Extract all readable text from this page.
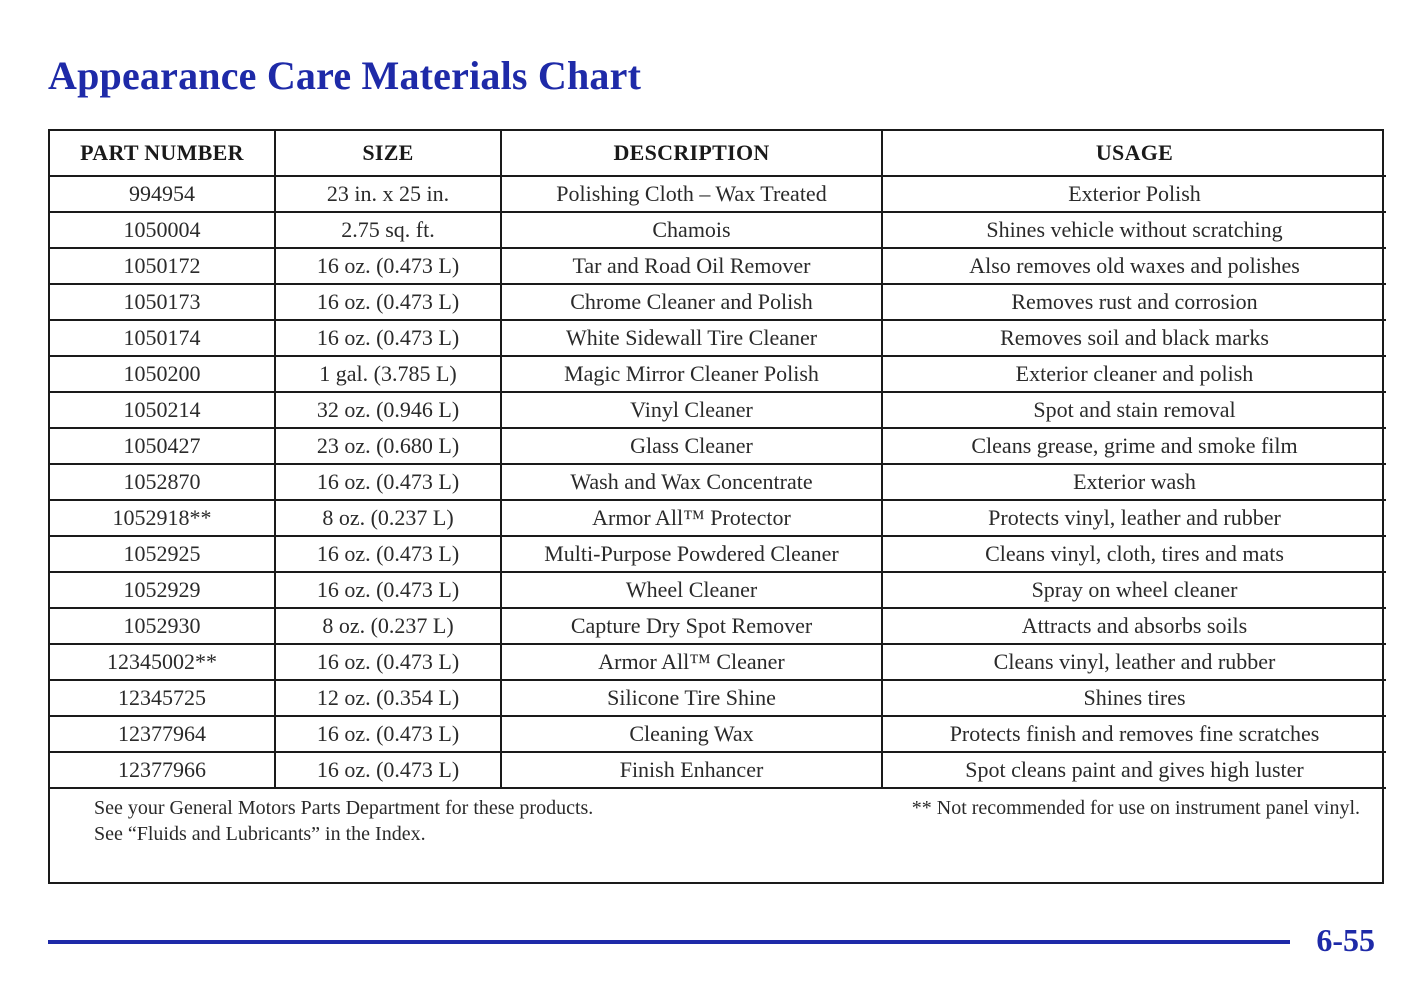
Appearance Care Materials Chart
PART NUMBER	SIZE	DESCRIPTION	USAGE
994954	23 in. x 25 in.	Polishing Cloth – Wax Treated	Exterior Polish
1050004	2.75 sq. ft.	Chamois	Shines vehicle without scratching
1050172	16 oz. (0.473 L)	Tar and Road Oil Remover	Also removes old waxes and polishes
1050173	16 oz. (0.473 L)	Chrome Cleaner and Polish	Removes rust and corrosion
1050174	16 oz. (0.473 L)	White Sidewall Tire Cleaner	Removes soil and black marks
1050200	1 gal. (3.785 L)	Magic Mirror Cleaner Polish	Exterior cleaner and polish
1050214	32 oz. (0.946 L)	Vinyl Cleaner	Spot and stain removal
1050427	23 oz. (0.680 L)	Glass Cleaner	Cleans grease, grime and smoke film
1052870	16 oz. (0.473 L)	Wash and Wax Concentrate	Exterior wash
1052918**	8 oz. (0.237 L)	Armor All™ Protector	Protects vinyl, leather and rubber
1052925	16 oz. (0.473 L)	Multi-Purpose Powdered Cleaner	Cleans vinyl, cloth, tires and mats
1052929	16 oz. (0.473 L)	Wheel Cleaner	Spray on wheel cleaner
1052930	8 oz. (0.237 L)	Capture Dry Spot Remover	Attracts and absorbs soils
12345002**	16 oz. (0.473 L)	Armor All™ Cleaner	Cleans vinyl, leather and rubber
12345725	12 oz. (0.354 L)	Silicone Tire Shine	Shines tires
12377964	16 oz. (0.473 L)	Cleaning Wax	Protects finish and removes fine scratches
12377966	16 oz. (0.473 L)	Finish Enhancer	Spot cleans paint and gives high luster
See your General Motors Parts Department for these products.
See “Fluids and Lubricants” in the Index.
** Not recommended for use on instrument panel vinyl.
6-55
